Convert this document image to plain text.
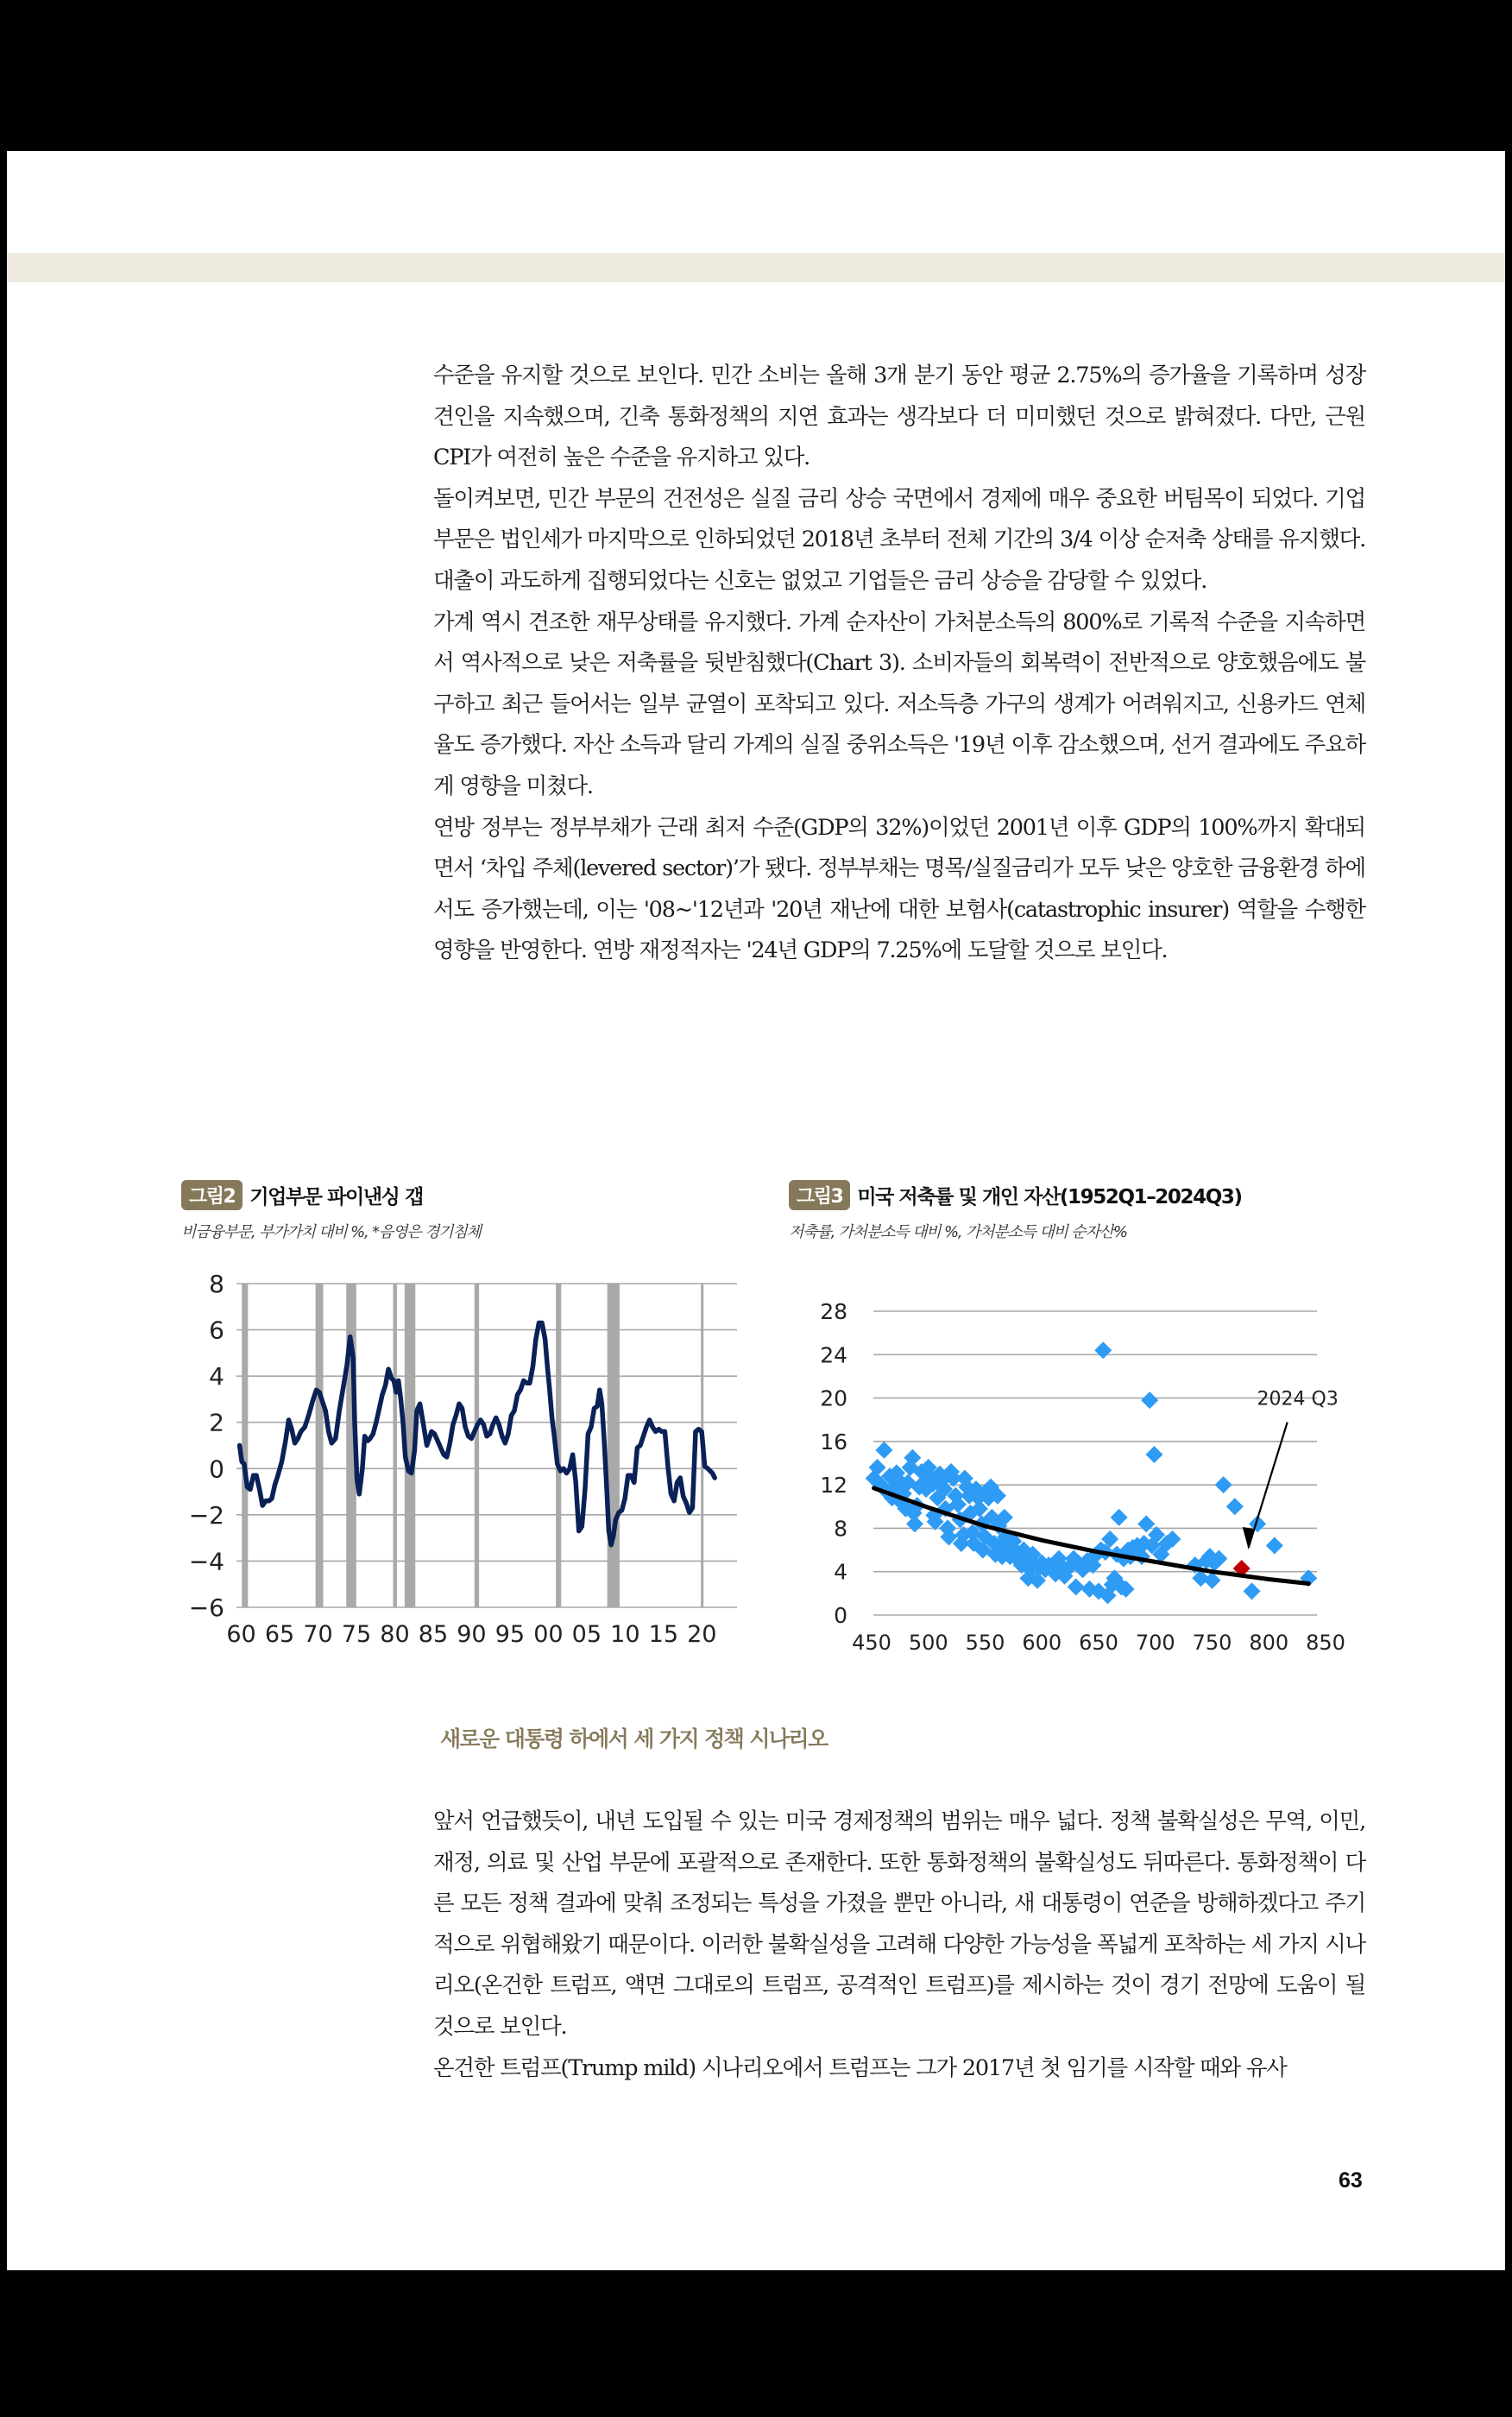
수준을 유지할 것으로 보인다. 민간 소비는 올해 3개 분기 동안 평균 2.75%의 증가율을 기록하며 성장 견인을 지속했으며, 긴축 통화정책의 지연 효과는 생각보다 더 미미했던 것으로 밝혀졌다. 다만, 근원 CPI가 여전히 높은 수준을 유지하고 있다.

돌이켜보면, 민간 부문의 건전성은 실질 금리 상승 국면에서 경제에 매우 중요한 버팀목이 되었다. 기업부문은 법인세가 마지막으로 인하되었던 2018년 초부터 전체 기간의 3/4 이상 순저축 상태를 유지했다. 대출이 과도하게 집행되었다는 신호는 없었고 기업들은 금리 상승을 감당할 수 있었다.

가계 역시 견조한 재무상태를 유지했다. 가계 순자산이 가처분소득의 800%로 기록적 수준을 지속하면서 역사적으로 낮은 저축률을 뒷받침했다(Chart 3). 소비자들의 회복력이 전반적으로 양호했음에도 불구하고 최근 들어서는 일부 균열이 포착되고 있다. 저소득층 가구의 생계가 어려워지고, 신용카드 연체율도 증가했다. 자산 소득과 달리 가계의 실질 중위소득은 '19년 이후 감소했으며, 선거 결과에도 주요하게 영향을 미쳤다.

연방 정부는 정부부채가 근래 최저 수준(GDP의 32%)이었던 2001년 이후 GDP의 100%까지 확대되면서 ‘차입 주체(levered sector)’가 됐다. 정부부채는 명목/실질금리가 모두 낮은 양호한 금융환경 하에서도 증가했는데, 이는 '08~'12년과 '20년 재난에 대한 보험사(catastrophic insurer) 역할을 수행한 영향을 반영한다. 연방 재정적자는 '24년 GDP의 7.25%에 도달할 것으로 보인다.

그림2 기업부문 파이낸싱 갭
비금융부문, 부가가치 대비 %, *음영은 경기침체
그림3 미국 저축률 및 개인 자산(1952Q1–2024Q3)
저축률, 가처분소득 대비 %, 가처분소득 대비 순자산%
−6
−4
−2
0
2
4
6
8
60 65 70 75 80 85 90 95 00 05 10 15 20
0
4
8
12
16
20
24
28
450 500 550 600 650 700 750 800 850
2024 Q3
새로운 대통령 하에서 세 가지 정책 시나리오

앞서 언급했듯이, 내년 도입될 수 있는 미국 경제정책의 범위는 매우 넓다. 정책 불확실성은 무역, 이민, 재정, 의료 및 산업 부문에 포괄적으로 존재한다. 또한 통화정책의 불확실성도 뒤따른다. 통화정책이 다른 모든 정책 결과에 맞춰 조정되는 특성을 가졌을 뿐만 아니라, 새 대통령이 연준을 방해하겠다고 주기적으로 위협해왔기 때문이다. 이러한 불확실성을 고려해 다양한 가능성을 폭넓게 포착하는 세 가지 시나리오(온건한 트럼프, 액면 그대로의 트럼프, 공격적인 트럼프)를 제시하는 것이 경기 전망에 도움이 될 것으로 보인다.

온건한 트럼프(Trump mild) 시나리오에서 트럼프는 그가 2017년 첫 임기를 시작할 때와 유사

63
